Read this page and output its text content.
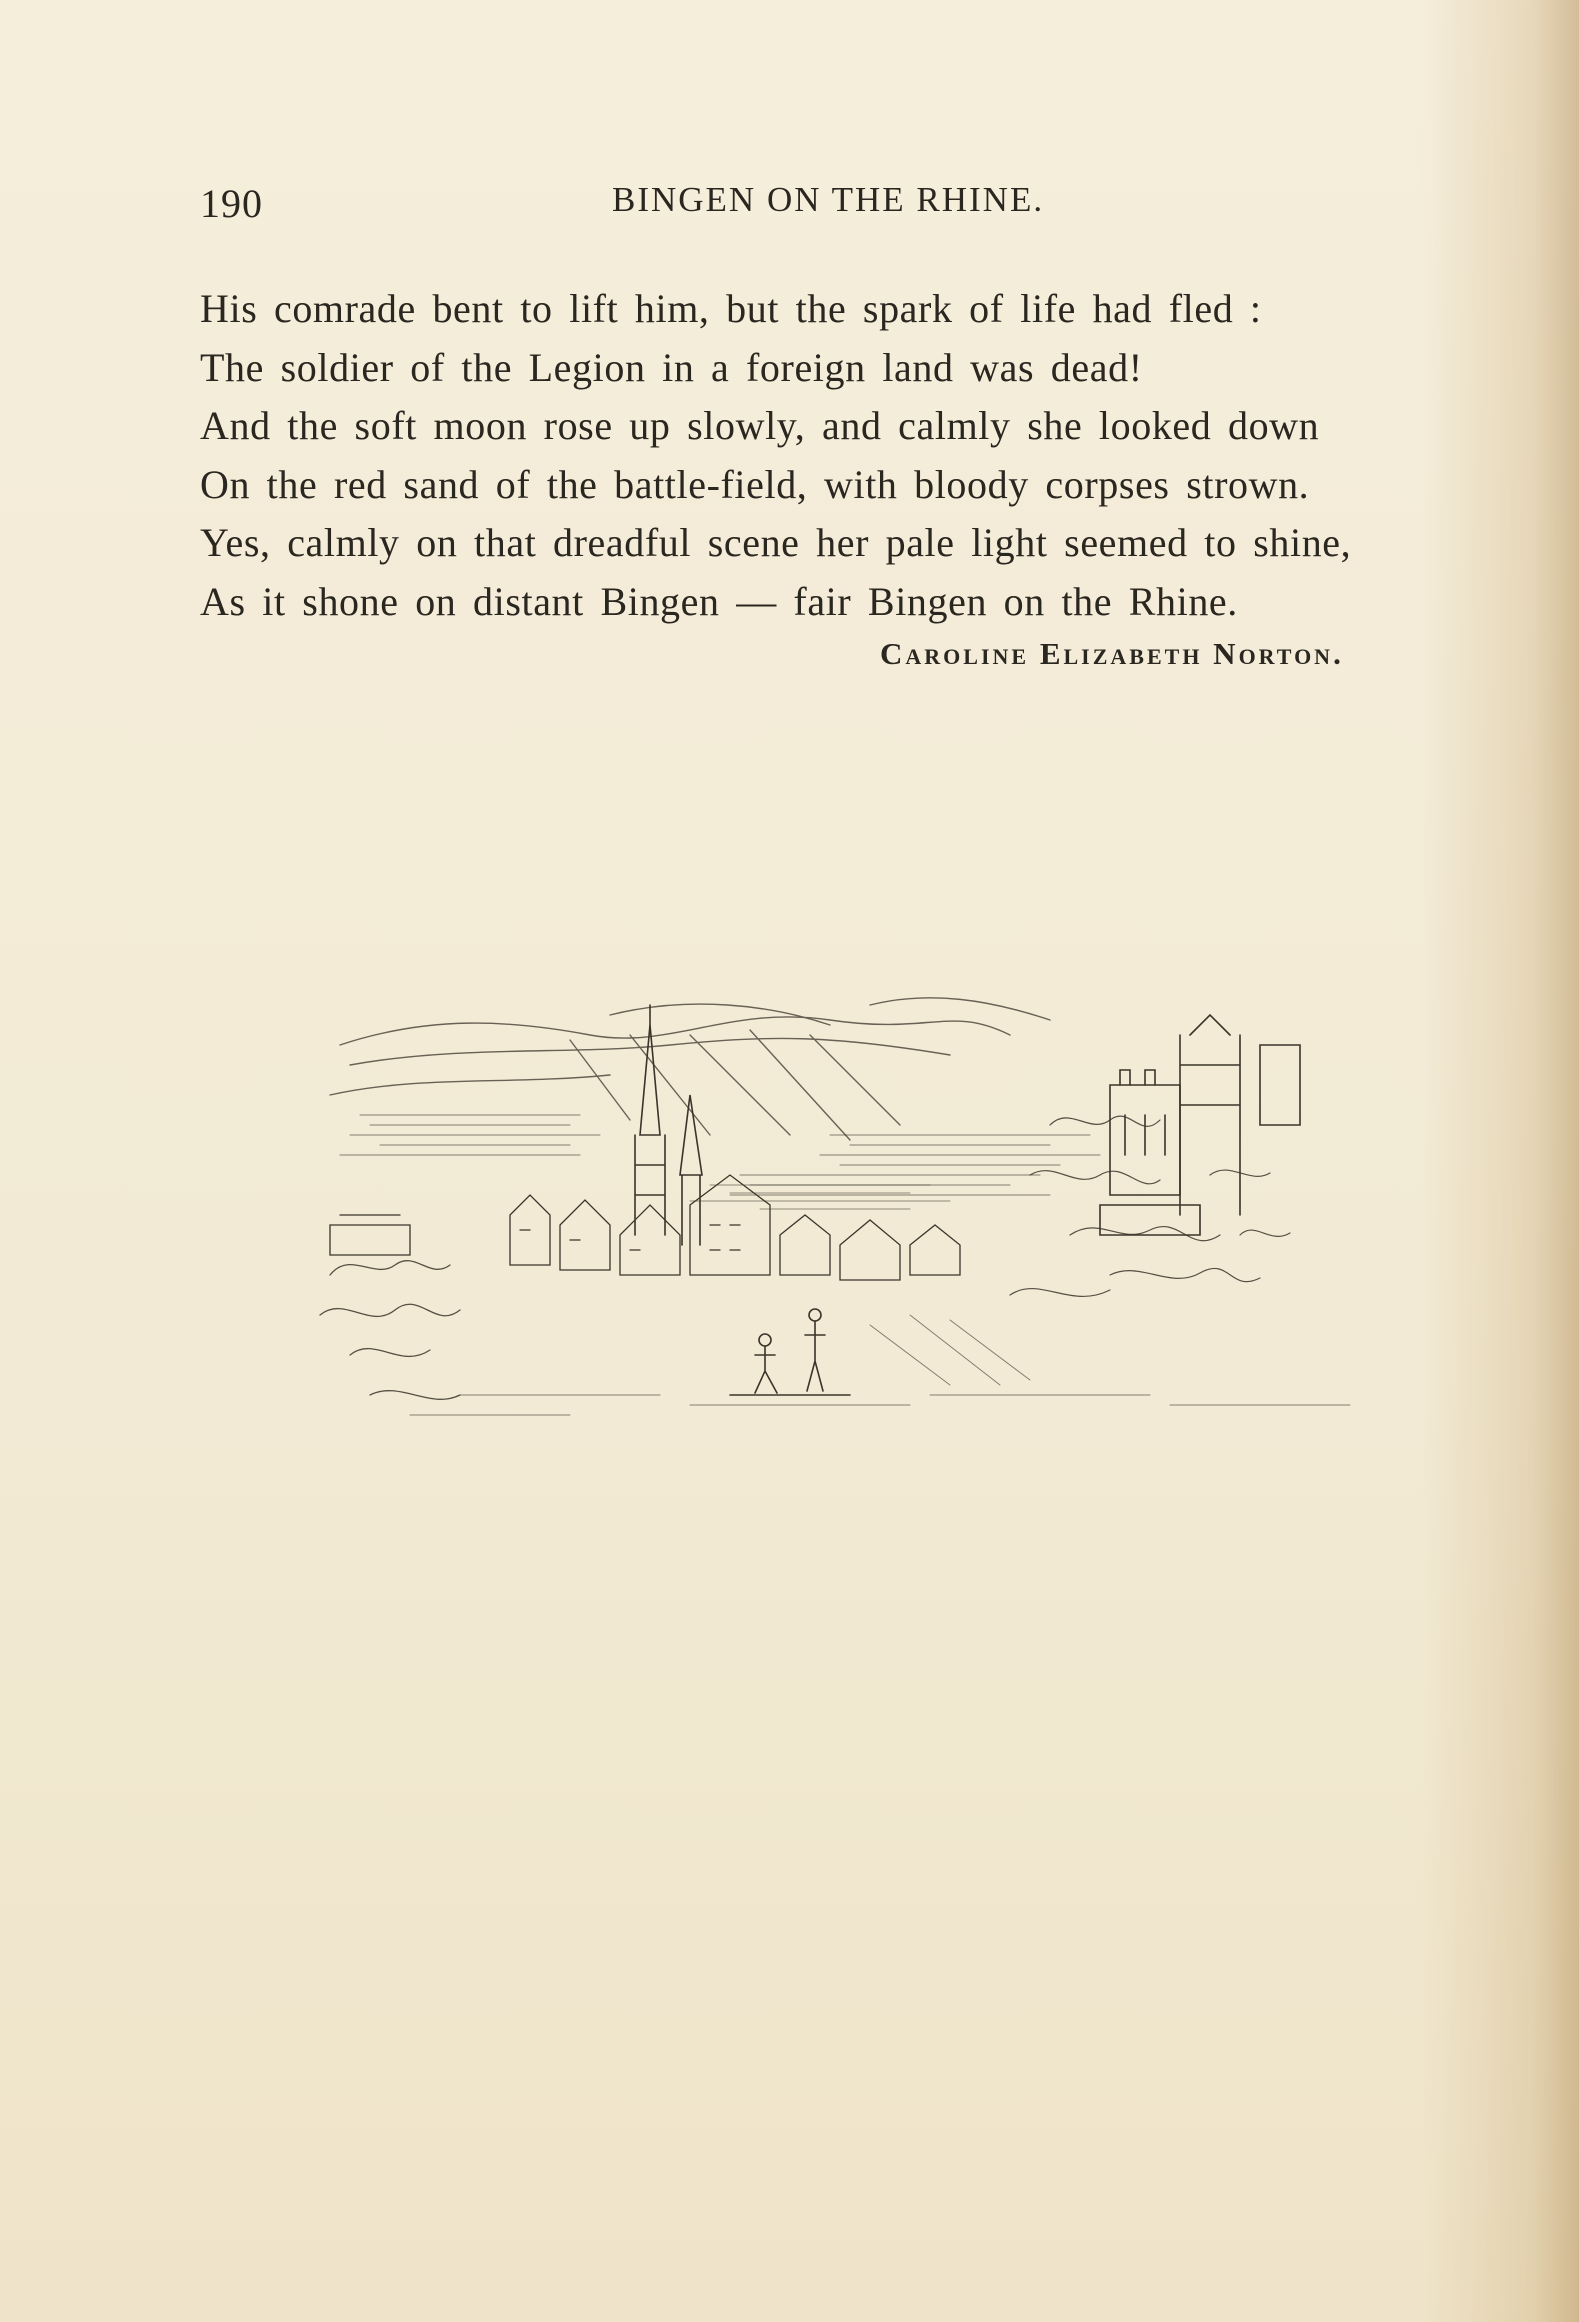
190	BINGEN ON THE RHINE.
His comrade bent to lift him, but the spark of life had fled :
The soldier of the Legion in a foreign land was dead!
And the soft moon rose up slowly, and calmly she looked down
On the red sand of the battle-field, with bloody corpses strown.
Yes, calmly on that dreadful scene her pale light seemed to shine,
As it shone on distant Bingen — fair Bingen on the Rhine.
Caroline Elizabeth Norton.
